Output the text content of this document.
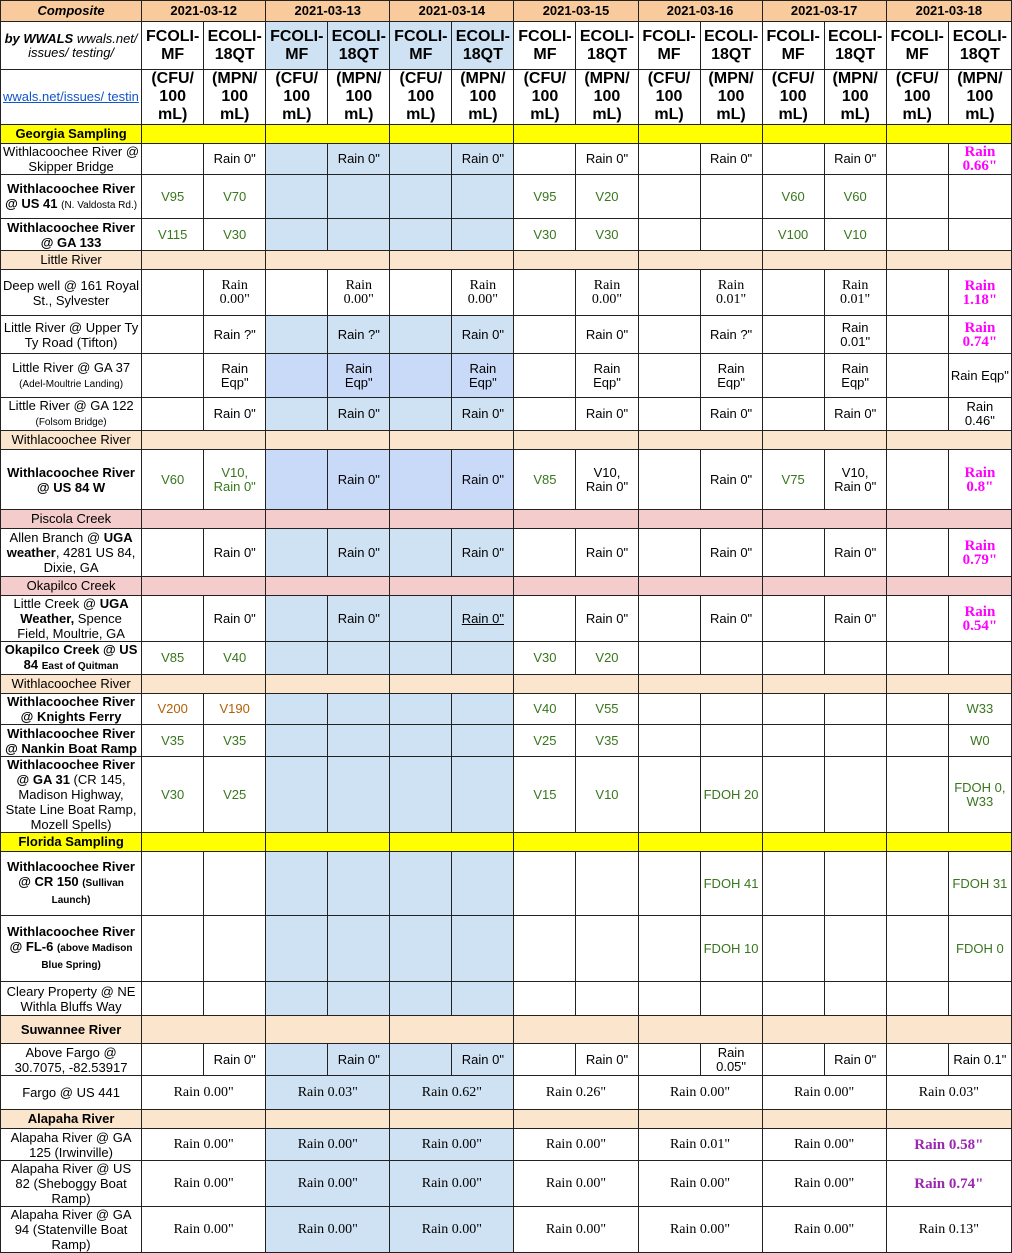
Composite	2021-03-12		2021-03-13		2021-03-14		2021-03-15		2021-03-16		2021-03-17		2021-03-18	
by WWALS wwals.net/ issues/ testing/	FCOLI-MF	ECOLI-18QT	FCOLI-MF	ECOLI-18QT	FCOLI-MF	ECOLI-18QT	FCOLI-MF	ECOLI-18QT	FCOLI-MF	ECOLI-18QT	FCOLI-MF	ECOLI-18QT	FCOLI-MF	ECOLI-18QT
wwals.net/issues/ testin	(CFU/ 100 mL)	(MPN/ 100 mL)	(CFU/ 100 mL)	(MPN/ 100 mL)	(CFU/ 100 mL)	(MPN/ 100 mL)	(CFU/ 100 mL)	(MPN/ 100 mL)	(CFU/ 100 mL)	(MPN/ 100 mL)	(CFU/ 100 mL)	(MPN/ 100 mL)	(CFU/ 100 mL)	(MPN/ 100 mL)
Georgia Sampling														
Withlacoochee River @ Skipper Bridge		Rain 0"		Rain 0"		Rain 0"		Rain 0"		Rain 0"		Rain 0"		Rain 0.66"
Withlacoochee River @ US 41 (N. Valdosta Rd.)	V95	V70					V95	V20			V60	V60		
Withlacoochee River @ GA 133	V115	V30					V30	V30			V100	V10		
Little River														
Deep well @ 161 Royal St., Sylvester		Rain 0.00"		Rain 0.00"		Rain 0.00"		Rain 0.00"		Rain 0.01"		Rain 0.01"		Rain 1.18"
Little River @ Upper Ty Ty Road (Tifton)		Rain ?"		Rain ?"		Rain 0"		Rain 0"		Rain ?"		Rain 0.01"		Rain 0.74"
Little River @ GA 37
(Adel-Moultrie Landing)		Rain Eqp"		Rain Eqp"		Rain Eqp"		Rain Eqp"		Rain Eqp"		Rain Eqp"		Rain Eqp"
Little River @ GA 122
(Folsom Bridge)		Rain 0"		Rain 0"		Rain 0"		Rain 0"		Rain 0"		Rain 0"		Rain 0.46"
Withlacoochee River														
Withlacoochee River @ US 84 W	V60	V10, Rain 0"		Rain 0"		Rain 0"	V85	V10, Rain 0"		Rain 0"	V75	V10, Rain 0"		Rain 0.8"
Piscola Creek														
Allen Branch @ UGA weather, 4281 US 84, Dixie, GA		Rain 0"		Rain 0"		Rain 0"		Rain 0"		Rain 0"		Rain 0"		Rain 0.79"
Okapilco Creek														
Little Creek @ UGA Weather, Spence Field, Moultrie, GA		Rain 0"		Rain 0"		Rain 0"		Rain 0"		Rain 0"		Rain 0"		Rain 0.54"
Okapilco Creek @ US 84 East of Quitman	V85	V40					V30	V20						
Withlacoochee River														
Withlacoochee River @ Knights Ferry	V200	V190					V40	V55						W33
Withlacoochee River @ Nankin Boat Ramp	V35	V35					V25	V35						W0
Withlacoochee River @ GA 31 (CR 145, Madison Highway, State Line Boat Ramp, Mozell Spells)	V30	V25					V15	V10		FDOH 20				FDOH 0, W33
Florida Sampling														
Withlacoochee River @ CR 150 (Sullivan Launch)										FDOH 41				FDOH 31
Withlacoochee River @ FL-6 (above Madison Blue Spring)										FDOH 10				FDOH 0
Cleary Property @ NE Withla Bluffs Way														
Suwannee River														
Above Fargo @ 30.7075, -82.53917		Rain 0"		Rain 0"		Rain 0"		Rain 0"		Rain 0.05"		Rain 0"		Rain 0.1"
Fargo @ US 441	Rain 0.00"		Rain 0.03"		Rain 0.62"		Rain 0.26"		Rain 0.00"		Rain 0.00"		Rain 0.03"	
Alapaha River														
Alapaha River @ GA 125 (Irwinville)	Rain 0.00"		Rain 0.00"		Rain 0.00"		Rain 0.00"		Rain 0.01"		Rain 0.00"		Rain 0.58"	
Alapaha River @ US 82 (Sheboggy Boat Ramp)	Rain 0.00"		Rain 0.00"		Rain 0.00"		Rain 0.00"		Rain 0.00"		Rain 0.00"		Rain 0.74"	
Alapaha River @ GA 94 (Statenville Boat Ramp)	Rain 0.00"		Rain 0.00"		Rain 0.00"		Rain 0.00"		Rain 0.00"		Rain 0.00"		Rain 0.13"	
